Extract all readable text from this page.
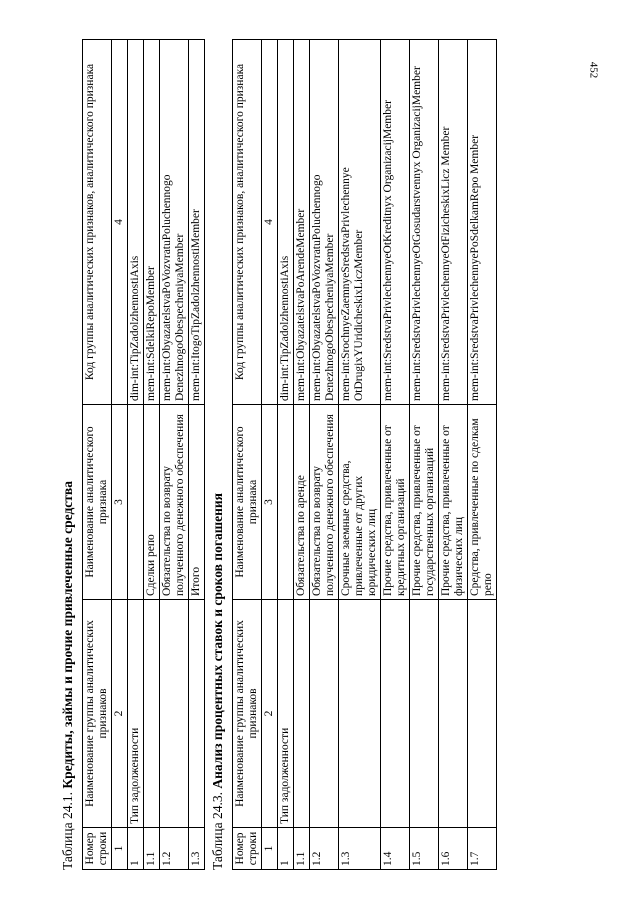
452
Таблица 24.1. Кредиты, займы и прочие привлеченные средства
Номер строки	Наименование группы аналитических признаков	Наименование аналитического признака	Код группы аналитических признаков, аналитического признака
1	2	3	4
1	Тип задолженности		dim-int:TipZadolzhennostiAxis
1.1		Сделки репо	mem-int:SdelkiRepoMember
1.2		Обязательства по возврату полученного денежного обеспечения	mem-int:ObyazatelstvaPoVozvratuPoluchennogo DenezhnogoObespecheniyaMember
1.3		Итого	mem-int:ItogoTipZadolzhennostiMember
Таблица 24.3. Анализ процентных ставок и сроков погашения
Номер строки	Наименование группы аналитических признаков	Наименование аналитического признака	Код группы аналитических признаков, аналитического признака
1	2	3	4
1	Тип задолженности		dim-int:TipZadolzhennostiAxis
1.1		Обязательства по аренде	mem-int:ObyazatelstvaPoArendeMember
1.2		Обязательства по возврату полученного денежного обеспечения	mem-int:ObyazatelstvaPoVozvratuPoluchennogo DenezhnogoObespecheniyaMember
1.3		Срочные заемные средства, привлеченные от других юридических лиц	mem-int:SrochnyeZaemnyeSredstvaPrivlechennye OtDrugixYUridicheskixLiczMember
1.4		Прочие средства, привлеченные от кредитных организаций	mem-int:SredstvaPrivlechennyeOtKreditnyx OrganizacijMember
1.5		Прочие средства, привлеченные от государственных организаций	mem-int:SredstvaPrivlechennyeOtGosudarstvennyx OrganizacijMember
1.6		Прочие средства, привлеченные от физических лиц	mem-int:SredstvaPrivlechennyeOtFizicheskixLicz Member
1.7		Средства, привлеченные по сделкам репо	mem-int:SredstvaPrivlechennyePoSdelkamRepo Member
